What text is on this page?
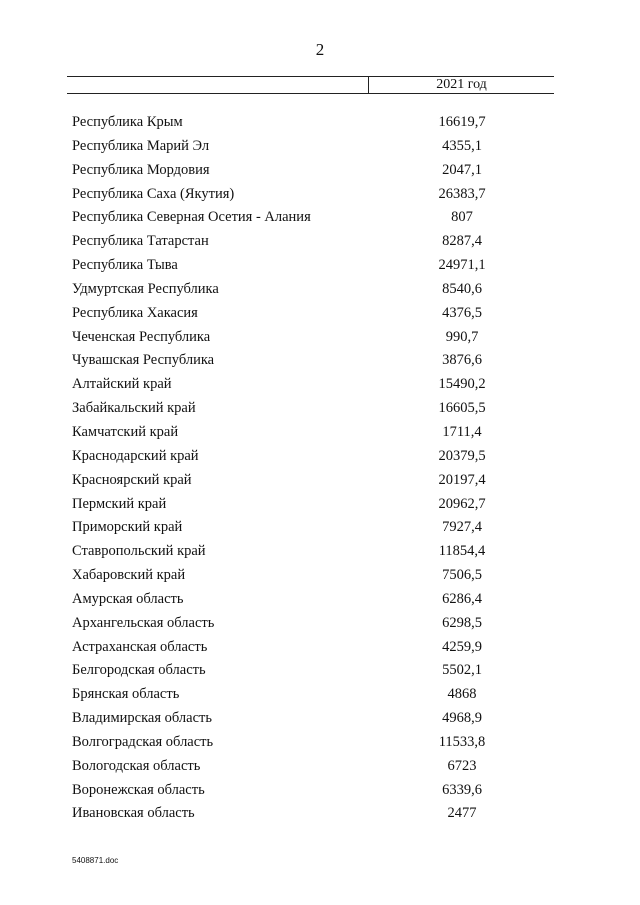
2
2021 год
Республика Крым	16619,7
Республика Марий Эл	4355,1
Республика Мордовия	2047,1
Республика Саха (Якутия)	26383,7
Республика Северная Осетия - Алания	807
Республика Татарстан	8287,4
Республика Тыва	24971,1
Удмуртская Республика	8540,6
Республика Хакасия	4376,5
Чеченская Республика	990,7
Чувашская Республика	3876,6
Алтайский край	15490,2
Забайкальский край	16605,5
Камчатский край	1711,4
Краснодарский край	20379,5
Красноярский край	20197,4
Пермский край	20962,7
Приморский край	7927,4
Ставропольский край	11854,4
Хабаровский край	7506,5
Амурская область	6286,4
Архангельская область	6298,5
Астраханская область	4259,9
Белгородская область	5502,1
Брянская область	4868
Владимирская область	4968,9
Волгоградская область	11533,8
Вологодская область	6723
Воронежская область	6339,6
Ивановская область	2477
5408871.doc
